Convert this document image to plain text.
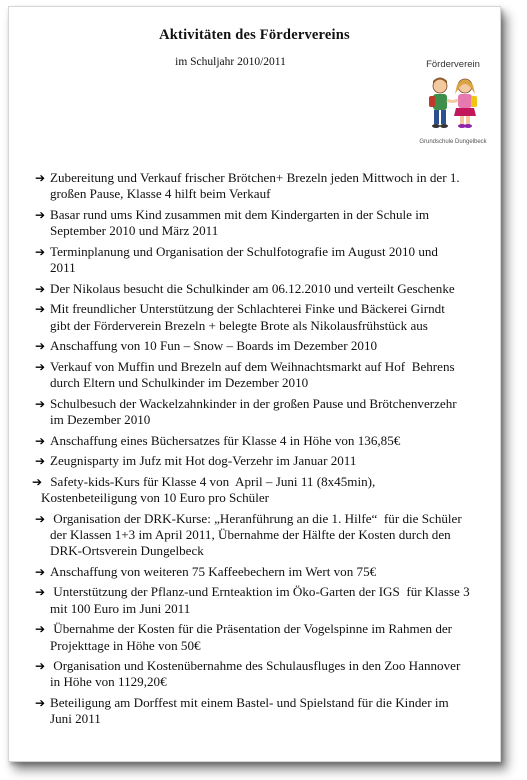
Aktivitäten des Fördervereins
im Schuljahr 2010/2011	Förderverein
Grundschule Dungelbeck
➔ Zubereitung und Verkauf frischer Brötchen+ Brezeln jeden Mittwoch in der 1.
großen Pause, Klasse 4 hilft beim Verkauf
➔ Basar rund ums Kind zusammen mit dem Kindergarten in der Schule im
September 2010 und März 2011
➔ Terminplanung und Organisation der Schulfotografie im August 2010 und
2011
➔ Der Nikolaus besucht die Schulkinder am 06.12.2010 und verteilt Geschenke
➔ Mit freundlicher Unterstützung der Schlachterei Finke und Bäckerei Girndt
gibt der Förderverein Brezeln + belegte Brote als Nikolausfrühstück aus
➔ Anschaffung von 10 Fun – Snow – Boards im Dezember 2010
➔ Verkauf von Muffin und Brezeln auf dem Weihnachtsmarkt auf Hof  Behrens
durch Eltern und Schulkinder im Dezember 2010
➔ Schulbesuch der Wackelzahnkinder in der großen Pause und Brötchenverzehr
im Dezember 2010
➔ Anschaffung eines Büchersatzes für Klasse 4 in Höhe von 136,85€
➔ Zeugnisparty im Jufz mit Hot dog-Verzehr im Januar 2011
➔ Safety-kids-Kurs für Klasse 4 von  April – Juni 11 (8x45min),
Kostenbeteiligung von 10 Euro pro Schüler
➔ Organisation der DRK-Kurse: „Heranführung an die 1. Hilfe“  für die Schüler
der Klassen 1+3 im April 2011, Übernahme der Hälfte der Kosten durch den
DRK-Ortsverein Dungelbeck
➔ Anschaffung von weiteren 75 Kaffeebechern im Wert von 75€
➔ Unterstützung der Pflanz-und Ernteaktion im Öko-Garten der IGS  für Klasse 3
mit 100 Euro im Juni 2011
➔ Übernahme der Kosten für die Präsentation der Vogelspinne im Rahmen der
Projekttage in Höhe von 50€
➔ Organisation und Kostenübernahme des Schulausfluges in den Zoo Hannover
in Höhe von 1129,20€
➔ Beteiligung am Dorffest mit einem Bastel- und Spielstand für die Kinder im
Juni 2011
